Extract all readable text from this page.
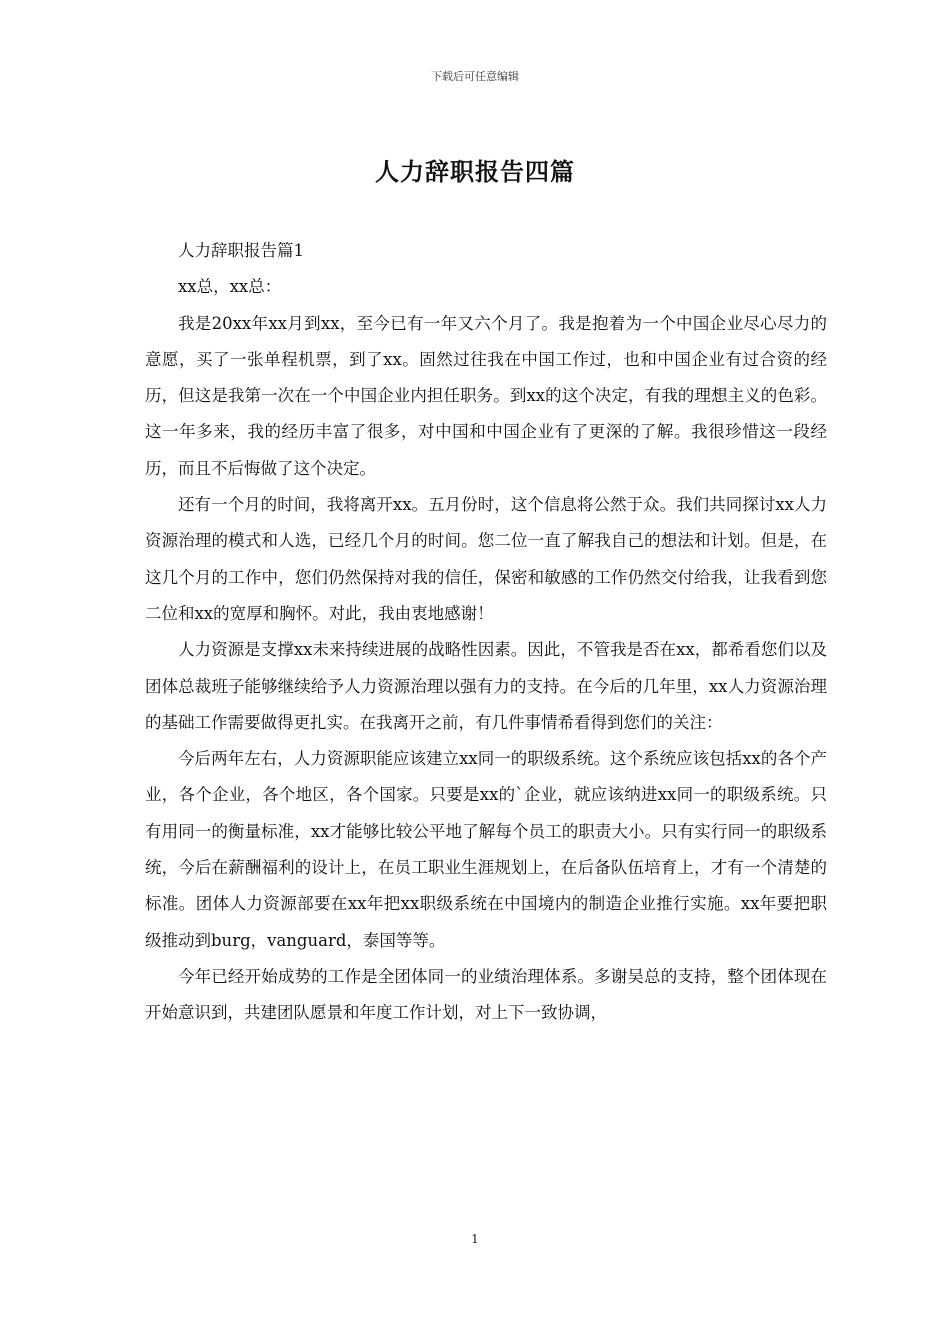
下载后可任意编辑
人力辞职报告四篇

人力辞职报告篇1

xx总，xx总：

我是20xx年xx月到xx，至今已有一年又六个月了。我是抱着为一个中国企业尽心尽力的意愿，买了一张单程机票，到了xx。固然过往我在中国工作过，也和中国企业有过合资的经历，但这是我第一次在一个中国企业内担任职务。到xx的这个决定，有我的理想主义的色彩。这一年多来，我的经历丰富了很多，对中国和中国企业有了更深的了解。我很珍惜这一段经历，而且不后悔做了这个决定。

还有一个月的时间，我将离开xx。五月份时，这个信息将公然于众。我们共同探讨xx人力资源治理的模式和人选，已经几个月的时间。您二位一直了解我自己的想法和计划。但是，在这几个月的工作中，您们仍然保持对我的信任，保密和敏感的工作仍然交付给我，让我看到您二位和xx的宽厚和胸怀。对此，我由衷地感谢！

人力资源是支撑xx未来持续进展的战略性因素。因此，不管我是否在xx，都希看您们以及团体总裁班子能够继续给予人力资源治理以强有力的支持。在今后的几年里，xx人力资源治理的基础工作需要做得更扎实。在我离开之前，有几件事情希看得到您们的关注：

今后两年左右，人力资源职能应该建立xx同一的职级系统。这个系统应该包括xx的各个产业，各个企业，各个地区，各个国家。只要是xx的`企业，就应该纳进xx同一的职级系统。只有用同一的衡量标准，xx才能够比较公平地了解每个员工的职责大小。只有实行同一的职级系统，今后在薪酬福利的设计上，在员工职业生涯规划上，在后备队伍培育上，才有一个清楚的标准。团体人力资源部要在xx年把xx职级系统在中国境内的制造企业推行实施。xx年要把职级推动到burg，vanguard，泰国等等。

今年已经开始成势的工作是全团体同一的业绩治理体系。多谢吴总的支持，整个团体现在开始意识到，共建团队愿景和年度工作计划，对上下一致协调，

1
